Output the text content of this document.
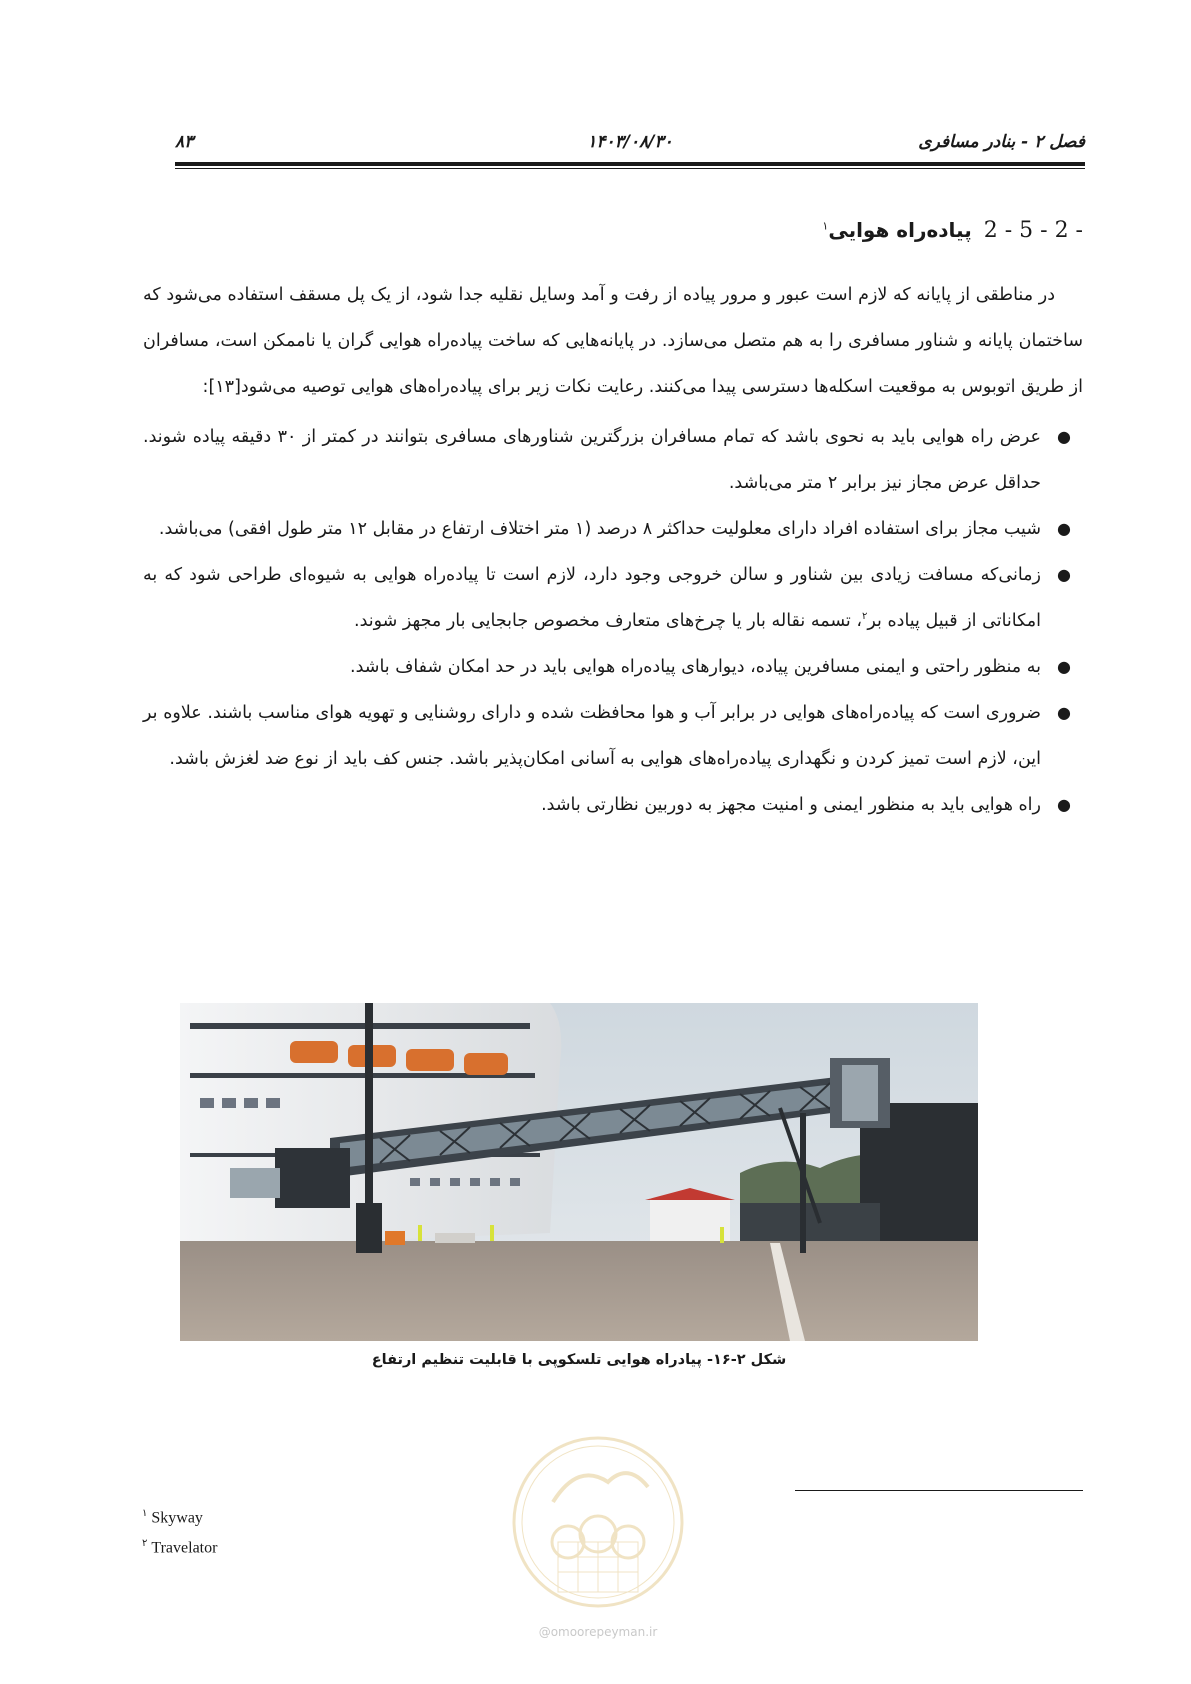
فصل ۲ - بنادر مسافری
۱۴۰۳/۰۸/۳۰
۸۳
2 - 5 - 2 -پیاده‌راه هوایی$^۱$

در مناطقی از پایانه که لازم است عبور و مرور پیاده از رفت و آمد وسایل نقلیه جدا شود، از یک پل مسقف استفاده می‌شود که ساختمان پایانه و شناور مسافری را به هم متصل می‌سازد. در پایانه‌هایی که ساخت پیاده‌راه هوایی گران یا ناممکن است، مسافران از طریق اتوبوس به موقعیت اسکله‌ها دسترسی پیدا می‌کنند. رعایت نکات زیر برای پیاده‌راه‌های هوایی توصیه می‌شود[۱۳]:

●
عرض راه هوایی باید به نحوی باشد که تمام مسافران بزرگترین شناورهای مسافری بتوانند در کمتر از ۳۰ دقیقه پیاده شوند. حداقل عرض مجاز نیز برابر ۲ متر می‌باشد.
●
شیب مجاز برای استفاده افراد دارای معلولیت حداکثر ۸ درصد (۱ متر اختلاف ارتفاع در مقابل ۱۲ متر طول افقی) می‌باشد.
●
زمانی‌که مسافت زیادی بین شناور و سالن خروجی وجود دارد، لازم است تا پیاده‌راه هوایی به شیوه‌ای طراحی شود که به امکاناتی از قبیل پیاده بر$^۲$، تسمه نقاله بار یا چرخ‌های متعارف مخصوص جابجایی بار مجهز شوند.
●
به منظور راحتی و ایمنی مسافرین پیاده، دیوارهای پیاده‌راه هوایی باید در حد امکان شفاف باشد.
●
ضروری است که پیاده‌راه‌های هوایی در برابر آب و هوا محافظت شده و دارای روشنایی و تهویه هوای مناسب باشند. علاوه بر این، لازم است تمیز کردن و نگهداری پیاده‌راه‌های هوایی به آسانی امکان‌پذیر باشد. جنس کف باید از نوع ضد لغزش باشد.
●
راه هوایی باید به منظور ایمنی و امنیت مجهز به دوربین نظارتی باشد.
شکل ۲-۱۶- پیادراه هوایی تلسکوپی با قابلیت تنظیم ارتفاع
$^۱$ Skyway
$^۲$ Travelator
@omoorepeyman.ir
